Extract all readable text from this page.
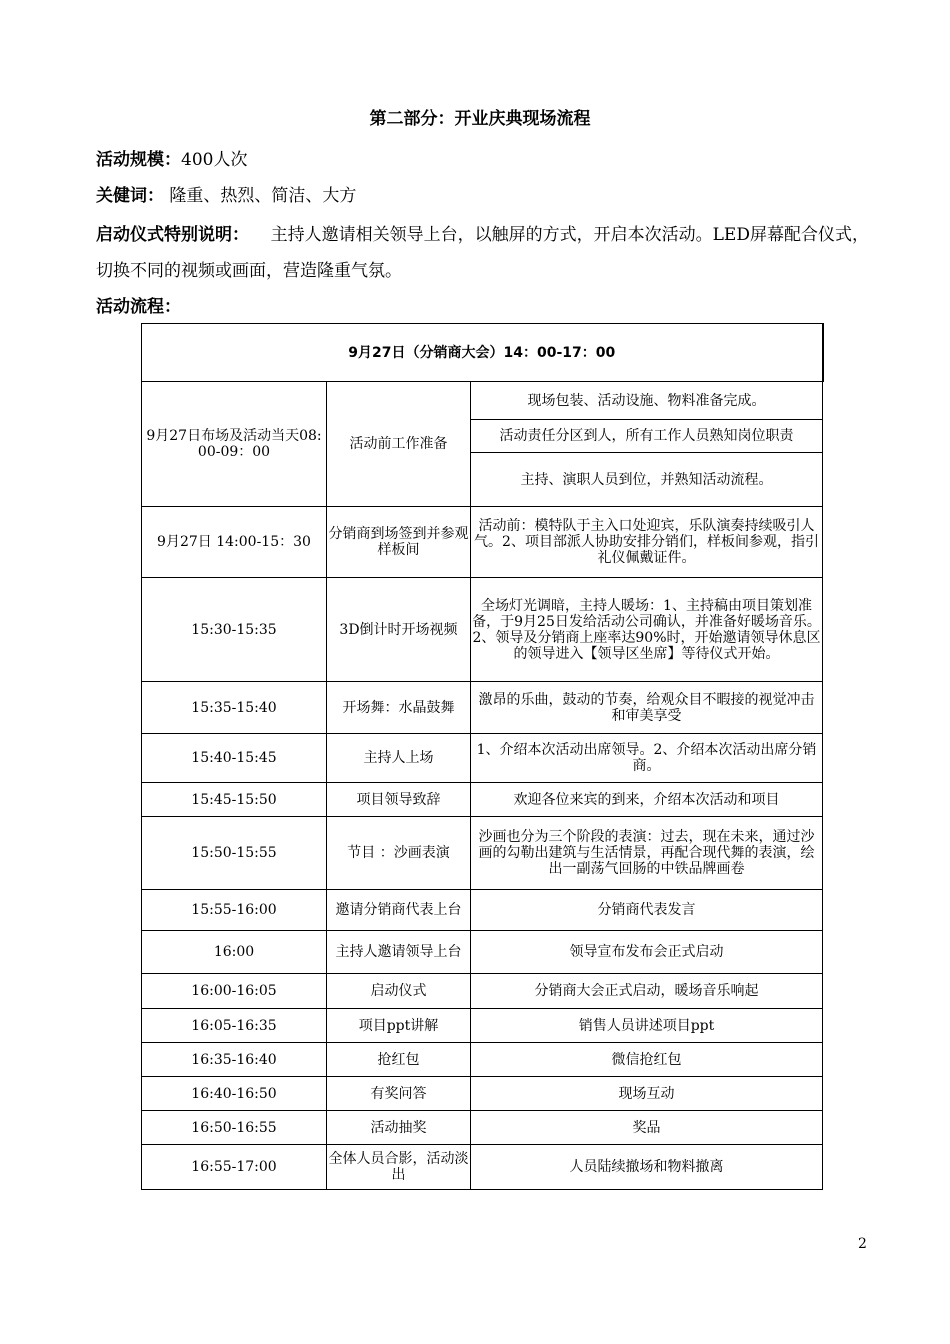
第二部分：开业庆典现场流程
活动规模：400人次
关健词： 隆重、热烈、简洁、大方
启动仪式特别说明： 主持人邀请相关领导上台，以触屏的方式，开启本次活动。LED屏幕配合仪式，切换不同的视频或画面，营造隆重气氛。
活动流程：
9月27日（分销商大会）14：00-17：00		
9月27日布场及活动当天08:00-09：00	活动前工作准备	现场包装、活动设施、物料准备完成。
		活动责任分区到人，所有工作人员熟知岗位职责
		主持、演职人员到位，并熟知活动流程。
9月27日 14:00-15：30	分销商到场签到并参观样板间	活动前：模特队于主入口处迎宾，乐队演奏持续吸引人气。2、项目部派人协助安排分销们，样板间参观，指引礼仪佩戴证件。
15:30-15:35	3D倒计时开场视频	全场灯光调暗，主持人暖场：1、主持稿由项目策划准备，于9月25日发给活动公司确认，并准备好暖场音乐。2、领导及分销商上座率达90%时，开始邀请领导休息区的领导进入【领导区坐席】等待仪式开始。
15:35-15:40	开场舞：水晶鼓舞	激昂的乐曲，鼓动的节奏，给观众目不暇接的视觉冲击和审美享受
15:40-15:45	主持人上场	1、介绍本次活动出席领导。2、介绍本次活动出席分销商。
15:45-15:50	项目领导致辞	欢迎各位来宾的到来，介绍本次活动和项目
15:50-15:55	节目 ：沙画表演	沙画也分为三个阶段的表演：过去，现在未来，通过沙画的勾勒出建筑与生活情景，再配合现代舞的表演，绘出一副荡气回肠的中铁品牌画卷
15:55-16:00	邀请分销商代表上台	分销商代表发言
16:00	主持人邀请领导上台	领导宣布发布会正式启动
16:00-16:05	启动仪式	分销商大会正式启动，暖场音乐响起
16:05-16:35	项目ppt讲解	销售人员讲述项目ppt
16:35-16:40	抢红包	微信抢红包
16:40-16:50	有奖问答	现场互动
16:50-16:55	活动抽奖	奖品
16:55-17:00	全体人员合影，活动淡出	人员陆续撤场和物料撤离
2
